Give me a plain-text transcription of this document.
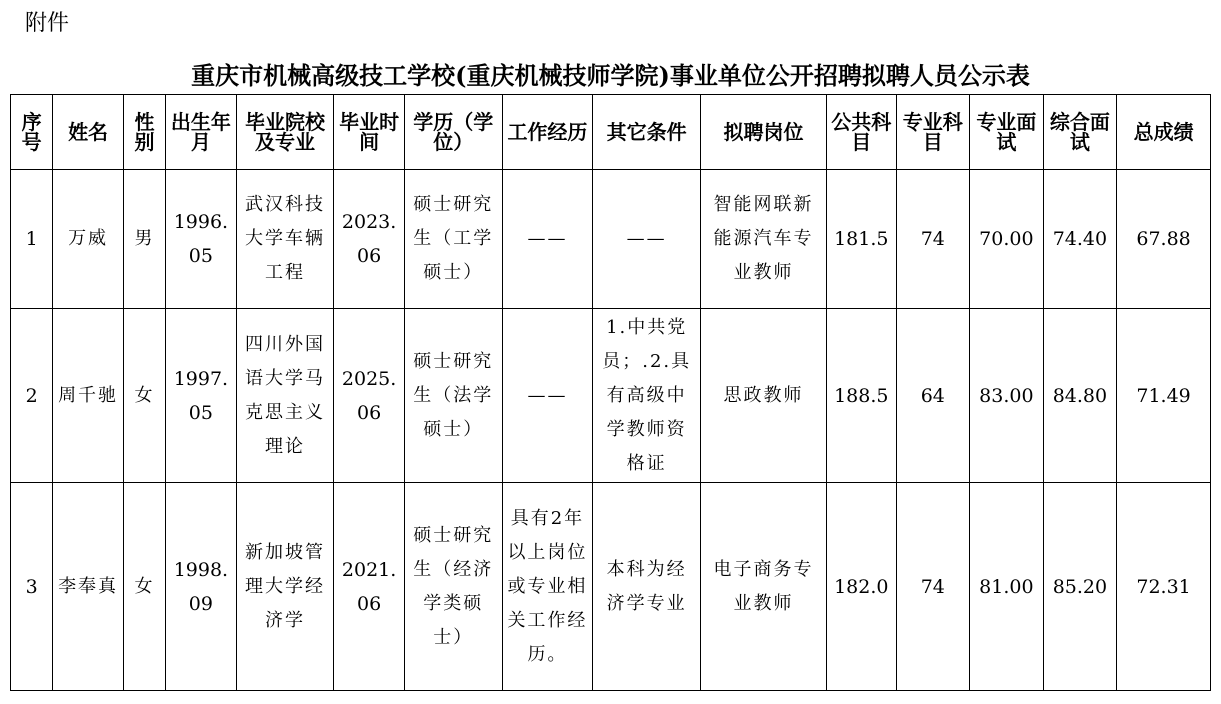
附件
重庆市机械高级技工学校(重庆机械技师学院)事业单位公开招聘拟聘人员公示表
序号	姓名	性别	出生年月	毕业院校及专业	毕业时间	学历（学位）	工作经历	其它条件	拟聘岗位	公共科目	专业科目	专业面试	综合面试	总成绩
1	万威	男	1996.05	武汉科技大学车辆工程	2023.06	硕士研究生（工学硕士）	——	——	智能网联新能源汽车专业教师	181.5	74	70.00	74.40	67.88
2	周千驰	女	1997.05	四川外国语大学马克思主义理论	2025.06	硕士研究生（法学硕士）	——	1.中共党员；.2.具有高级中学教师资格证	思政教师	188.5	64	83.00	84.80	71.49
3	李奉真	女	1998.09	新加坡管理大学经济学	2021.06	硕士研究生（经济学类硕士）	具有2年以上岗位或专业相关工作经历。	本科为经济学专业	电子商务专业教师	182.0	74	81.00	85.20	72.31
